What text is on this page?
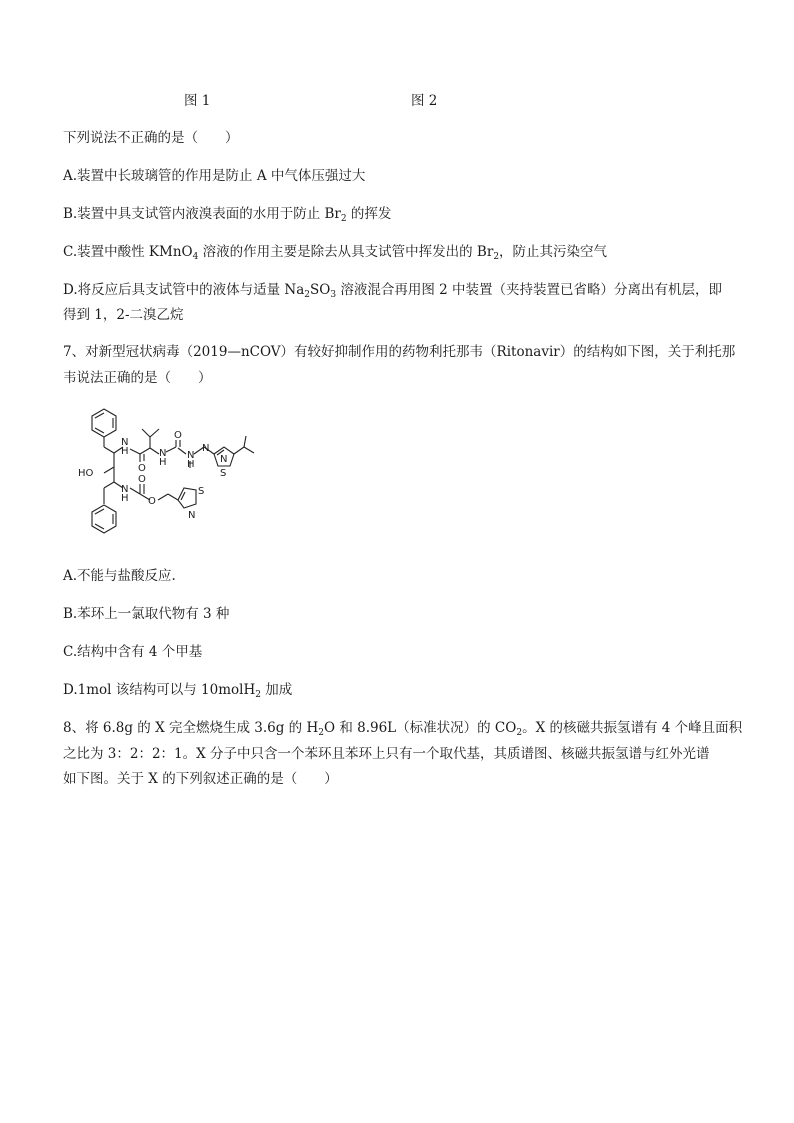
图 1	图 2
下列说法不正确的是（　　）
A.装置中长玻璃管的作用是防止 A 中气体压强过大
B.装置中具支试管内液溴表面的水用于防止 $Br_2$ 的挥发
C.装置中酸性 KMnO$_4$ 溶液的作用主要是除去从具支试管中挥发出的 $Br_2$，防止其污染空气
D.将反应后具支试管中的液体与适量 $Na_2SO_3$ 溶液混合再用图 2 中装置（夹持装置已省略）分离出有机层，即
得到 1，2-二溴乙烷
7、对新型冠状病毒（2019—nCOV）有较好抑制作用的药物利托那韦（Ritonavir）的结构如下图，关于利托那
韦说法正确的是（　　）
N
H
O
N
H
O
N
H
N
N
S
HO
N
H
O
O
S
N
A.不能与盐酸反应.
B.苯环上一氯取代物有 3 种
C.结构中含有 4 个甲基
D.1mol 该结构可以与 10molH$_2$ 加成
8、将 6.8g 的 X 完全燃烧生成 3.6g 的 $H_2O$ 和 8.96L（标准状况）的 $CO_2$。X 的核磁共振氢谱有 4 个峰且面积
之比为 3：2：2：1。X 分子中只含一个苯环且苯环上只有一个取代基，其质谱图、核磁共振氢谱与红外光谱
如下图。关于 X 的下列叙述正确的是（　　）
